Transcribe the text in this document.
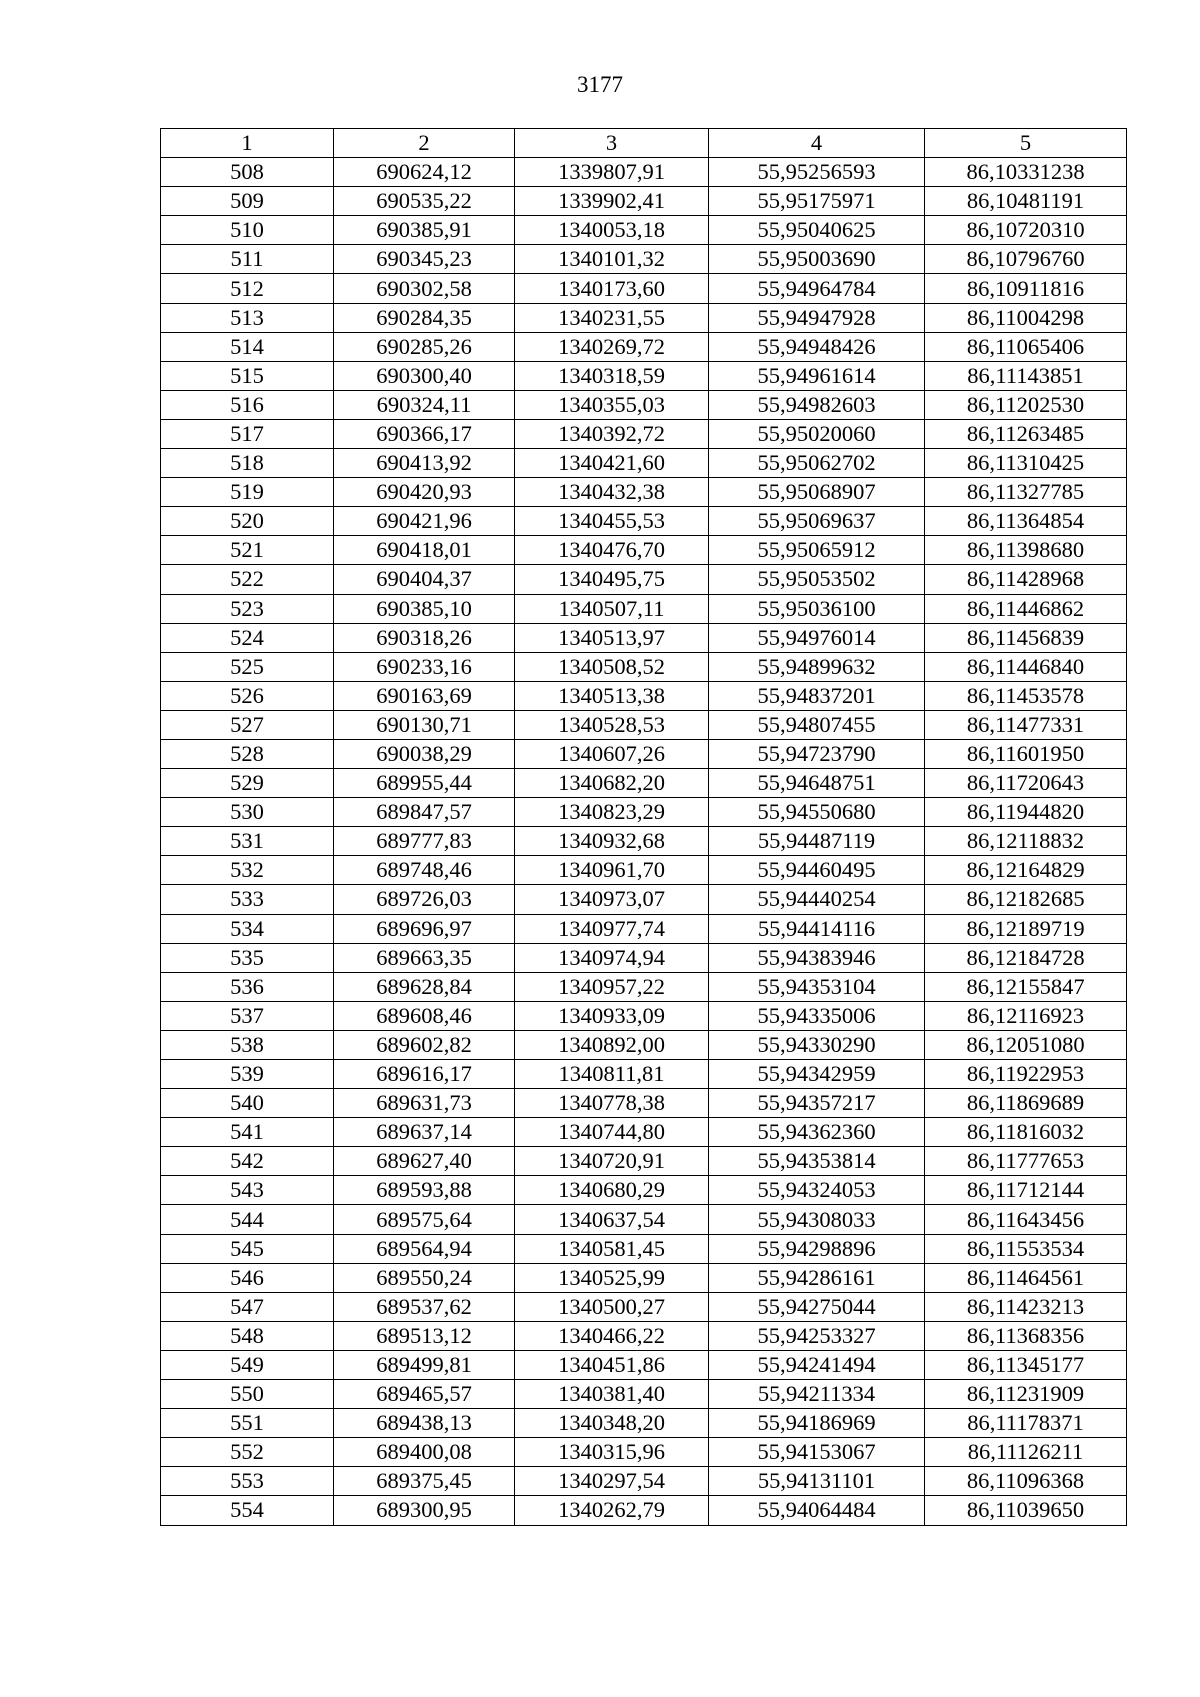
3177
1	2	3	4	5
508	690624,12	1339807,91	55,95256593	86,10331238
509	690535,22	1339902,41	55,95175971	86,10481191
510	690385,91	1340053,18	55,95040625	86,10720310
511	690345,23	1340101,32	55,95003690	86,10796760
512	690302,58	1340173,60	55,94964784	86,10911816
513	690284,35	1340231,55	55,94947928	86,11004298
514	690285,26	1340269,72	55,94948426	86,11065406
515	690300,40	1340318,59	55,94961614	86,11143851
516	690324,11	1340355,03	55,94982603	86,11202530
517	690366,17	1340392,72	55,95020060	86,11263485
518	690413,92	1340421,60	55,95062702	86,11310425
519	690420,93	1340432,38	55,95068907	86,11327785
520	690421,96	1340455,53	55,95069637	86,11364854
521	690418,01	1340476,70	55,95065912	86,11398680
522	690404,37	1340495,75	55,95053502	86,11428968
523	690385,10	1340507,11	55,95036100	86,11446862
524	690318,26	1340513,97	55,94976014	86,11456839
525	690233,16	1340508,52	55,94899632	86,11446840
526	690163,69	1340513,38	55,94837201	86,11453578
527	690130,71	1340528,53	55,94807455	86,11477331
528	690038,29	1340607,26	55,94723790	86,11601950
529	689955,44	1340682,20	55,94648751	86,11720643
530	689847,57	1340823,29	55,94550680	86,11944820
531	689777,83	1340932,68	55,94487119	86,12118832
532	689748,46	1340961,70	55,94460495	86,12164829
533	689726,03	1340973,07	55,94440254	86,12182685
534	689696,97	1340977,74	55,94414116	86,12189719
535	689663,35	1340974,94	55,94383946	86,12184728
536	689628,84	1340957,22	55,94353104	86,12155847
537	689608,46	1340933,09	55,94335006	86,12116923
538	689602,82	1340892,00	55,94330290	86,12051080
539	689616,17	1340811,81	55,94342959	86,11922953
540	689631,73	1340778,38	55,94357217	86,11869689
541	689637,14	1340744,80	55,94362360	86,11816032
542	689627,40	1340720,91	55,94353814	86,11777653
543	689593,88	1340680,29	55,94324053	86,11712144
544	689575,64	1340637,54	55,94308033	86,11643456
545	689564,94	1340581,45	55,94298896	86,11553534
546	689550,24	1340525,99	55,94286161	86,11464561
547	689537,62	1340500,27	55,94275044	86,11423213
548	689513,12	1340466,22	55,94253327	86,11368356
549	689499,81	1340451,86	55,94241494	86,11345177
550	689465,57	1340381,40	55,94211334	86,11231909
551	689438,13	1340348,20	55,94186969	86,11178371
552	689400,08	1340315,96	55,94153067	86,11126211
553	689375,45	1340297,54	55,94131101	86,11096368
554	689300,95	1340262,79	55,94064484	86,11039650
